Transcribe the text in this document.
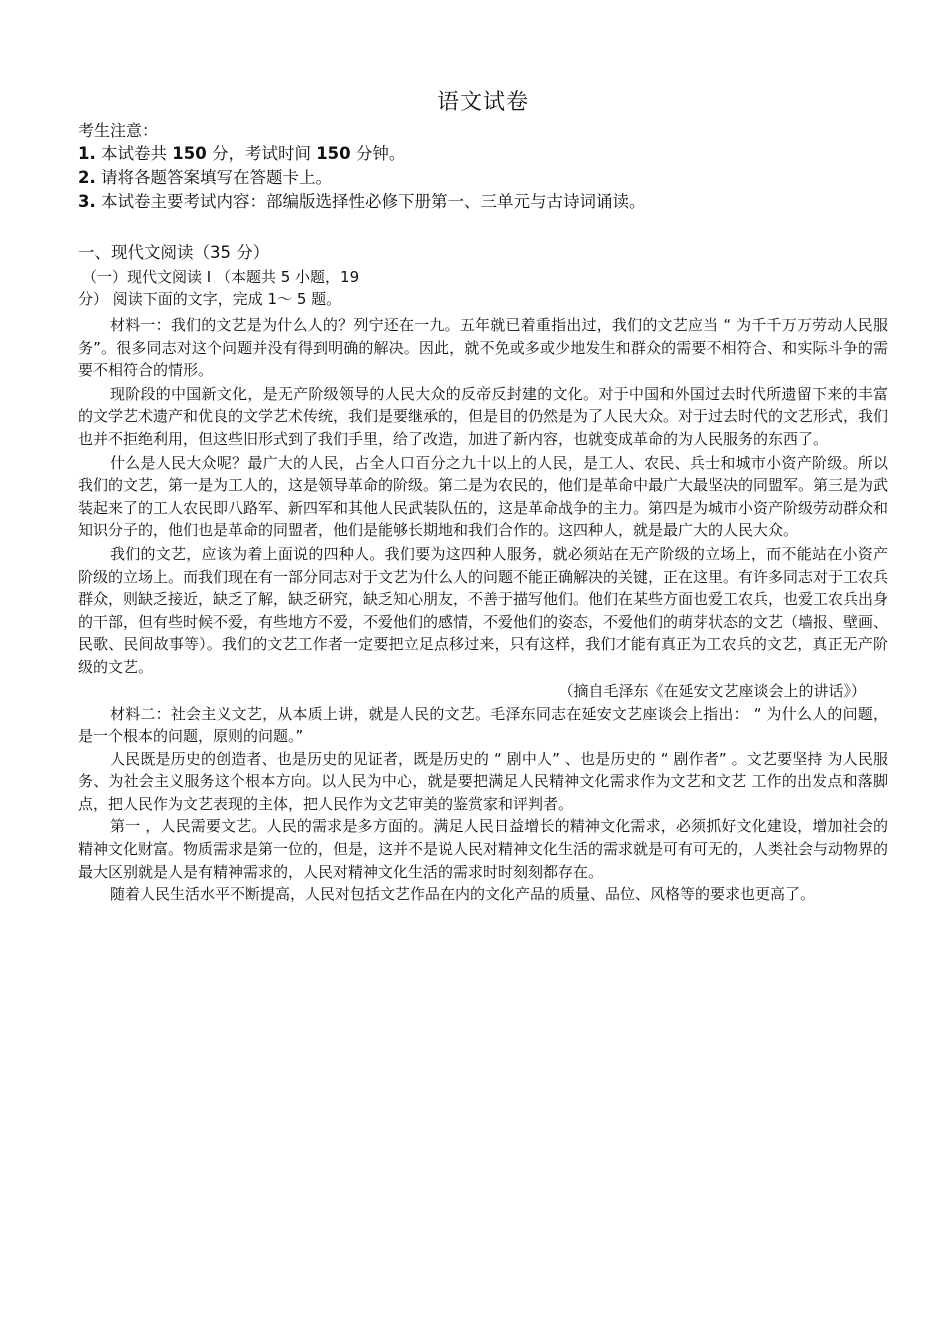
语文试卷
考生注意：
1. 本试卷共 150 分，考试时间 150 分钟。
2. 请将各题答案填写在答题卡上。
3. 本试卷主要考试内容：部编版选择性必修下册第一、三单元与古诗词诵读。
一、现代文阅读（35 分）
（一）现代文阅读 I （本题共 5 小题，19
分） 阅读下面的文字，完成 1～ 5 题。

材料一：我们的文艺是为什么人的？列宁还在一九。五年就已着重指出过，我们的文艺应当 “ 为千千万万劳动人民服务”。很多同志对这个问题并没有得到明确的解决。因此，就不免或多或少地发生和群众的需要不相符合、和实际斗争的需要不相符合的情形。

现阶段的中国新文化，是无产阶级领导的人民大众的反帝反封建的文化。对于中国和外国过去时代所遗留下来的丰富的文学艺术遗产和优良的文学艺术传统，我们是要继承的，但是目的仍然是为了人民大众。对于过去时代的文艺形式，我们也并不拒绝利用，但这些旧形式到了我们手里，给了改造，加进了新内容，也就变成革命的为人民服务的东西了。

什么是人民大众呢？最广大的人民，占全人口百分之九十以上的人民，是工人、农民、兵士和城市小资产阶级。所以我们的文艺，第一是为工人的，这是领导革命的阶级。第二是为农民的，他们是革命中最广大最坚决的同盟军。第三是为武装起来了的工人农民即八路军、新四军和其他人民武装队伍的，这是革命战争的主力。第四是为城市小资产阶级劳动群众和知识分子的，他们也是革命的同盟者，他们是能够长期地和我们合作的。这四种人，就是最广大的人民大众。

我们的文艺，应该为着上面说的四种人。我们要为这四种人服务，就必须站在无产阶级的立场上，而不能站在小资产阶级的立场上。而我们现在有一部分同志对于文艺为什么人的问题不能正确解决的关键，正在这里。有许多同志对于工农兵群众，则缺乏接近，缺乏了解，缺乏研究，缺乏知心朋友，不善于描写他们。他们在某些方面也爱工农兵，也爱工农兵出身的干部，但有些时候不爱，有些地方不爱，不爱他们的感情，不爱他们的姿态，不爱他们的萌芽状态的文艺（墙报、壁画、民歌、民间故事等）。我们的文艺工作者一定要把立足点移过来，只有这样，我们才能有真正为工农兵的文艺，真正无产阶级的文艺。

（摘自毛泽东《在延安文艺座谈会上的讲话》）

材料二：社会主义文艺，从本质上讲，就是人民的文艺。毛泽东同志在延安文艺座谈会上指出： “ 为什么人的问题，是一个根本的问题，原则的问题。”

人民既是历史的创造者、也是历史的见证者，既是历史的 “ 剧中人” 、也是历史的 “ 剧作者” 。文艺要坚持 为人民服务、为社会主义服务这个根本方向。以人民为中心，就是要把满足人民精神文化需求作为文艺和文艺 工作的出发点和落脚点，把人民作为文艺表现的主体，把人民作为文艺审美的鉴赏家和评判者。

第一 ，人民需要文艺。人民的需求是多方面的。满足人民日益增长的精神文化需求，必须抓好文化建设，增加社会的精神文化财富。物质需求是第一位的，但是，这并不是说人民对精神文化生活的需求就是可有可无的，人类社会与动物界的最大区别就是人是有精神需求的，人民对精神文化生活的需求时时刻刻都存在。

随着人民生活水平不断提高，人民对包括文艺作品在内的文化产品的质量、品位、风格等的要求也更高了。
